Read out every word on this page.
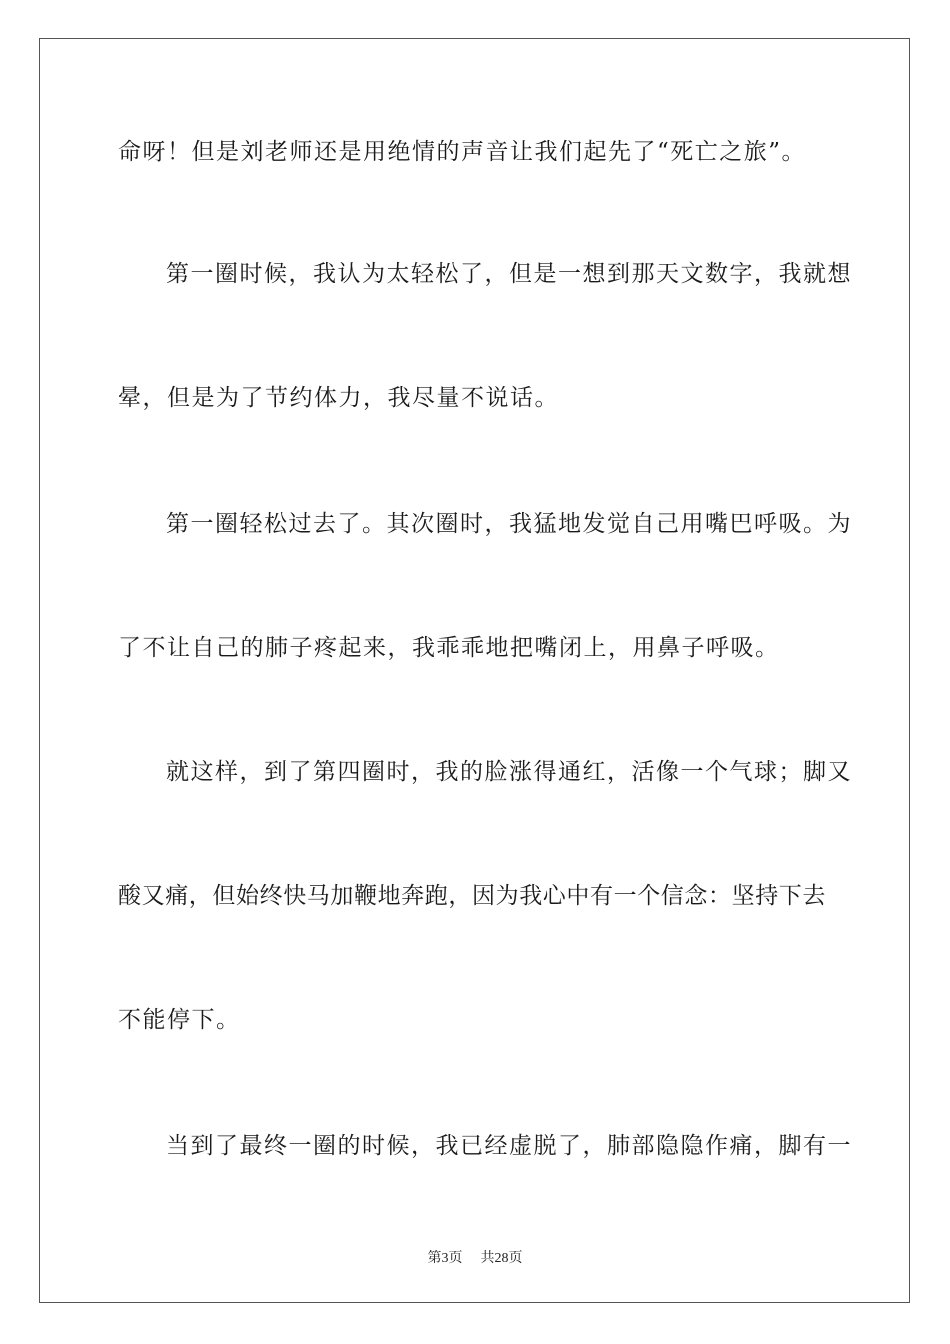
命呀！但是刘老师还是用绝情的声音让我们起先了“死亡之旅”。
第一圈时候，我认为太轻松了，但是一想到那天文数字，我就想
晕，但是为了节约体力，我尽量不说话。
第一圈轻松过去了。其次圈时，我猛地发觉自己用嘴巴呼吸。为
了不让自己的肺子疼起来，我乖乖地把嘴闭上，用鼻子呼吸。
就这样，到了第四圈时，我的脸涨得通红，活像一个气球；脚又
酸又痛，但始终快马加鞭地奔跑，因为我心中有一个信念：坚持下去
不能停下。
当到了最终一圈的时候，我已经虚脱了，肺部隐隐作痛，脚有一
第3页 共28页
